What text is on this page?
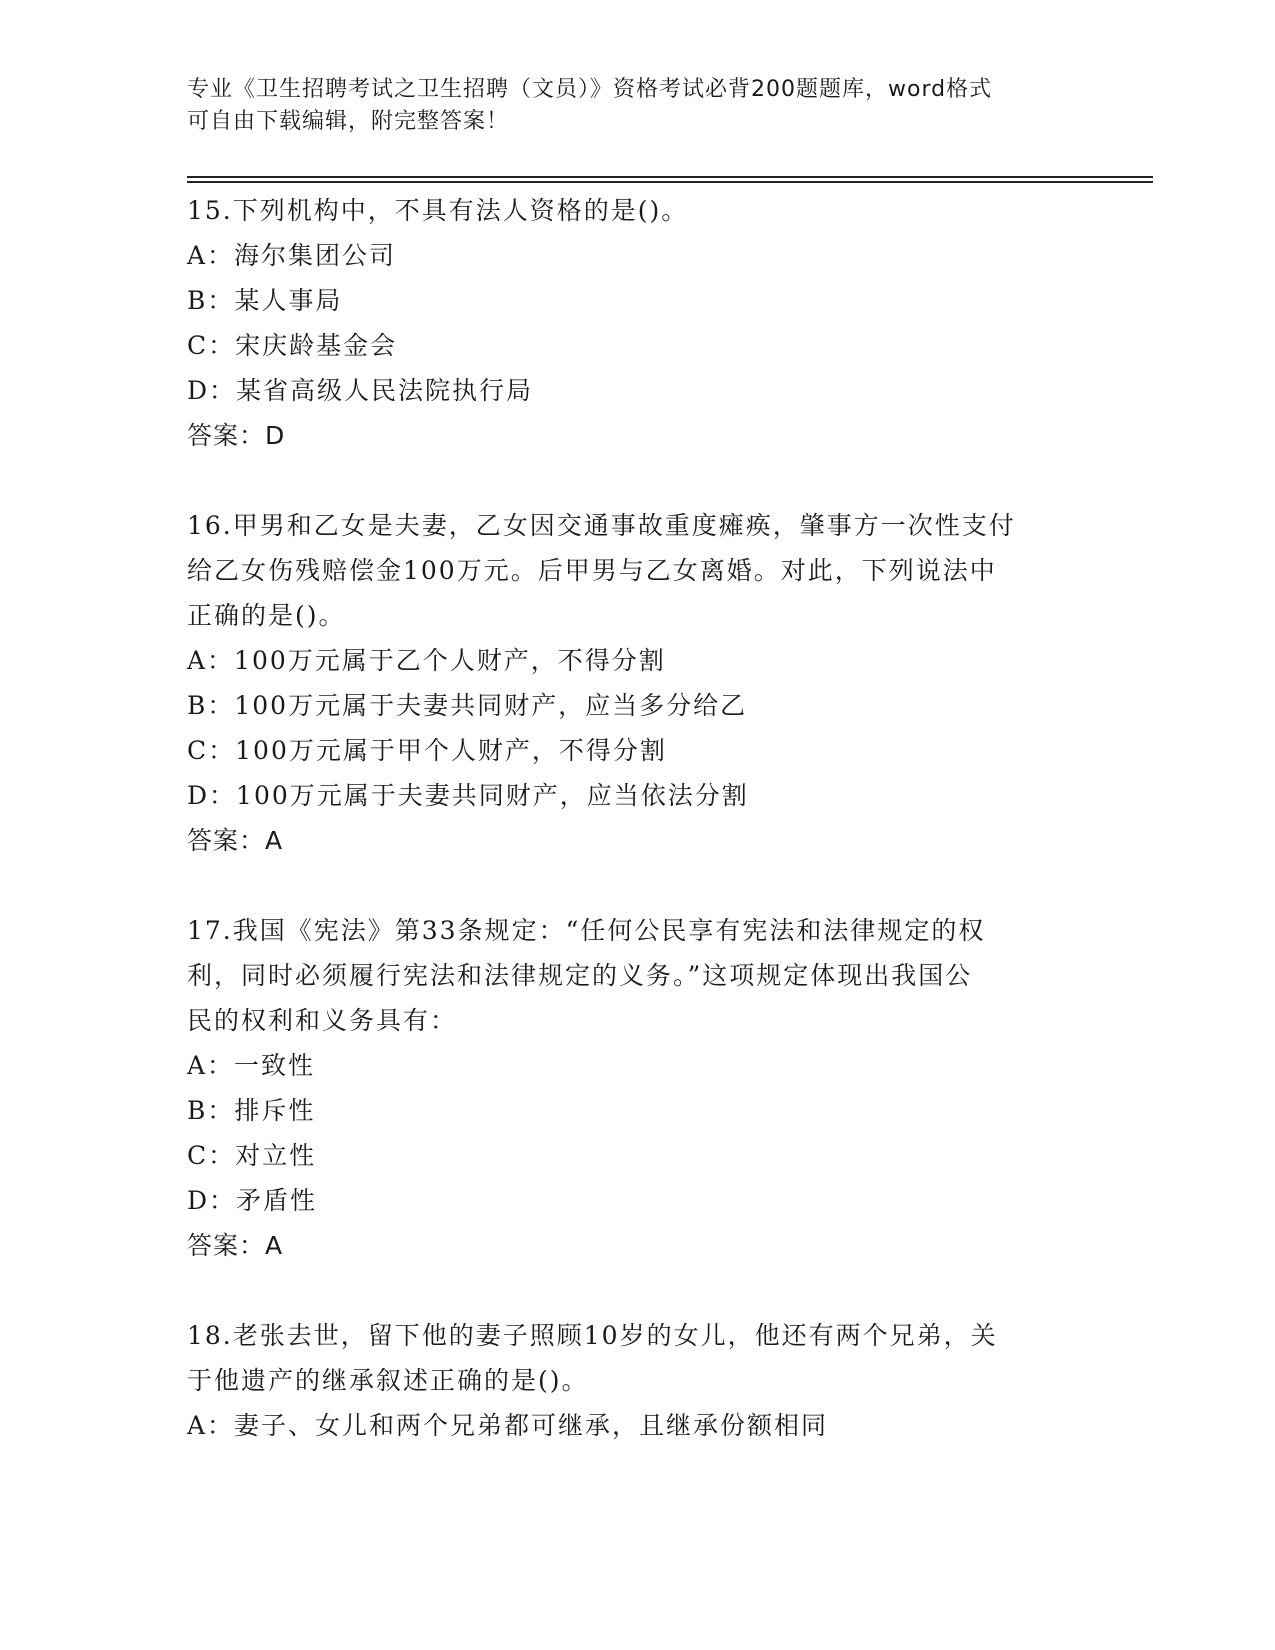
专业《卫生招聘考试之卫生招聘（文员）》资格考试必背200题题库，word格式
可自由下载编辑，附完整答案！
15.下列机构中，不具有法人资格的是()。
A：海尔集团公司
B：某人事局
C：宋庆龄基金会
D：某省高级人民法院执行局
答案：D
16.甲男和乙女是夫妻，乙女因交通事故重度瘫痪，肇事方一次性支付
给乙女伤残赔偿金100万元。后甲男与乙女离婚。对此，下列说法中
正确的是()。
A：100万元属于乙个人财产，不得分割
B：100万元属于夫妻共同财产，应当多分给乙
C：100万元属于甲个人财产，不得分割
D：100万元属于夫妻共同财产，应当依法分割
答案：A
17.我国《宪法》第33条规定：“任何公民享有宪法和法律规定的权
利，同时必须履行宪法和法律规定的义务。”这项规定体现出我国公
民的权利和义务具有：
A：一致性
B：排斥性
C：对立性
D：矛盾性
答案：A
18.老张去世，留下他的妻子照顾10岁的女儿，他还有两个兄弟，关
于他遗产的继承叙述正确的是()。
A：妻子、女儿和两个兄弟都可继承，且继承份额相同
